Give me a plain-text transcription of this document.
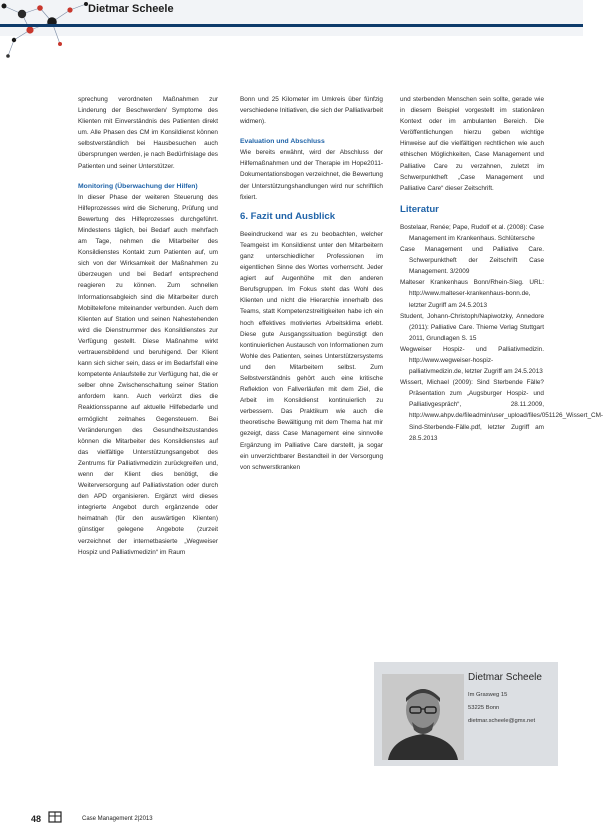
Dietmar Scheele

sprechung verordneten Maßnahmen zur Linderung der Beschwerden/ Symptome des Klienten mit Einverständnis des Patienten direkt um. Alle Phasen des CM im Konsildienst können selbstverständlich bei Hausbesuchen auch übersprungen werden, je nach Bedürfnislage des Patienten und seiner Unterstützer.

Monitoring (Überwachung der Hilfen)

In dieser Phase der weiteren Steuerung des Hilfeprozesses wird die Sicherung, Prüfung und Bewertung des Hilfeprozesses durchgeführt. Mindestens täglich, bei Bedarf auch mehrfach am Tage, nehmen die Mitarbeiter des Konsildienstes Kontakt zum Patienten auf, um sich von der Wirksamkeit der Maßnahmen zu überzeugen und bei Bedarf entsprechend reagieren zu können. Zum schnellen Informationsabgleich sind die Mitarbeiter durch Mobiltelefone miteinander verbunden. Auch dem Klienten auf Station und seinen Nahestehenden wird die Dienstnummer des Konsildienstes zur Verfügung gestellt. Diese Maßnahme wirkt vertrauensbildend und beruhigend. Der Klient kann sich sicher sein, dass er im Bedarfsfall eine kompetente Anlaufstelle zur Verfügung hat, die er selber ohne Zwischenschaltung seiner Station anfordern kann. Auch verkürzt dies die Reaktionsspanne auf aktuelle Hilfebedarfe und ermöglicht zeitnahes Gegensteuern. Bei Veränderungen des Gesundheitszustandes können die Mitarbeiter des Konsildienstes auf das vielfältige Unterstützungsangebot des Zentrums für Palliativmedizin zurückgreifen und, wenn der Klient dies benötigt, die Weiterversorgung auf Palliativstation oder durch den APD organisieren. Ergänzt wird dieses integrierte Angebot durch ergänzende oder heimatnah (für den auswärtigen Klienten) günstiger gelegene Angebote (zurzeit verzeichnet der internetbasierte „Wegweiser Hospiz und Palliativmedizin“ im Raum

Bonn und 25 Kilometer im Umkreis über fünfzig verschiedene Initiativen, die sich der Palliativarbeit widmen).

Evaluation und Abschluss

Wie bereits erwähnt, wird der Abschluss der Hilfemaßnahmen und der Therapie im Hope2011-Dokumentationsbogen verzeichnet, die Bewertung der Unterstützungshandlungen wird nur schriftlich fixiert.

6. Fazit und Ausblick

Beeindruckend war es zu beobachten, welcher Teamgeist im Konsildienst unter den Mitarbeitern ganz unterschiedlicher Professionen im eigentlichen Sinne des Wortes vorherrscht. Jeder agiert auf Augenhöhe mit den anderen Berufsgruppen. Im Fokus steht das Wohl des Klienten und nicht die Hierarchie innerhalb des Teams, statt Kompetenzstreitigkeiten habe ich ein hoch effektives motiviertes Arbeitsklima erlebt. Diese gute Ausgangssituation begünstigt den kontinuierlichen Austausch von Informationen zum Wohle des Patienten, seines Unterstützersystems und den Mitarbeitern selbst. Zum Selbstverständnis gehört auch eine kritische Reflektion von Fallverläufen mit dem Ziel, die Arbeit im Konsildienst kontinuierlich zu verbessern. Das Praktikum wie auch die theoretische Bewältigung mit dem Thema hat mir gezeigt, dass Case Management eine sinnvolle Ergänzung im Palliative Care darstellt, ja sogar ein unverzichtbarer Bestandteil in der Versorgung von schwerstkranken

und sterbenden Menschen sein sollte, gerade wie in diesem Beispiel vorgestellt im stationären Kontext oder im ambulanten Bereich. Die Veröffentlichungen hierzu geben wichtige Hinweise auf die vielfältigen rechtlichen wie auch ethischen Möglichkeiten, Case Management und Palliative Care zu verzahnen, zuletzt im Schwerpunktheft „Case Management und Palliative Care“ dieser Zeitschrift.

Literatur

Bostelaar, Renée; Pape, Rudolf et al. (2008): Case Management im Krankenhaus. Schlütersche

Case Management und Palliative Care. Schwerpunktheft der Zeitschrift Case Management. 3/2009

Malteser Krankenhaus Bonn/Rhein-Sieg. URL: http://www.malteser-krankenhaus-bonn.de, letzter Zugriff am 24.5.2013

Student, Johann-Christoph/Napiwotzky, Annedore (2011): Palliative Care. Thieme Verlag Stuttgart 2011, Grundlagen S. 15

Wegweiser Hospiz- und Palliativmedizin. http://www.wegweiser-hospiz-palliativmedizin.de, letzter Zugriff am 24.5.2013

Wissert, Michael (2009): Sind Sterbende Fälle? Präsentation zum „Augsburger Hospiz- und Palliativgespräch“, 28.11.2009, http://www.ahpv.de/fileadmin/user_upload/files/051126_Wissert_CM-Sind-Sterbende-Fälle.pdf, letzter Zugriff am 28.5.2013

Dietmar Scheele
Im Grasweg 15
53225 Bonn
dietmar.scheele@gmx.net
48	Case Management 2|2013
